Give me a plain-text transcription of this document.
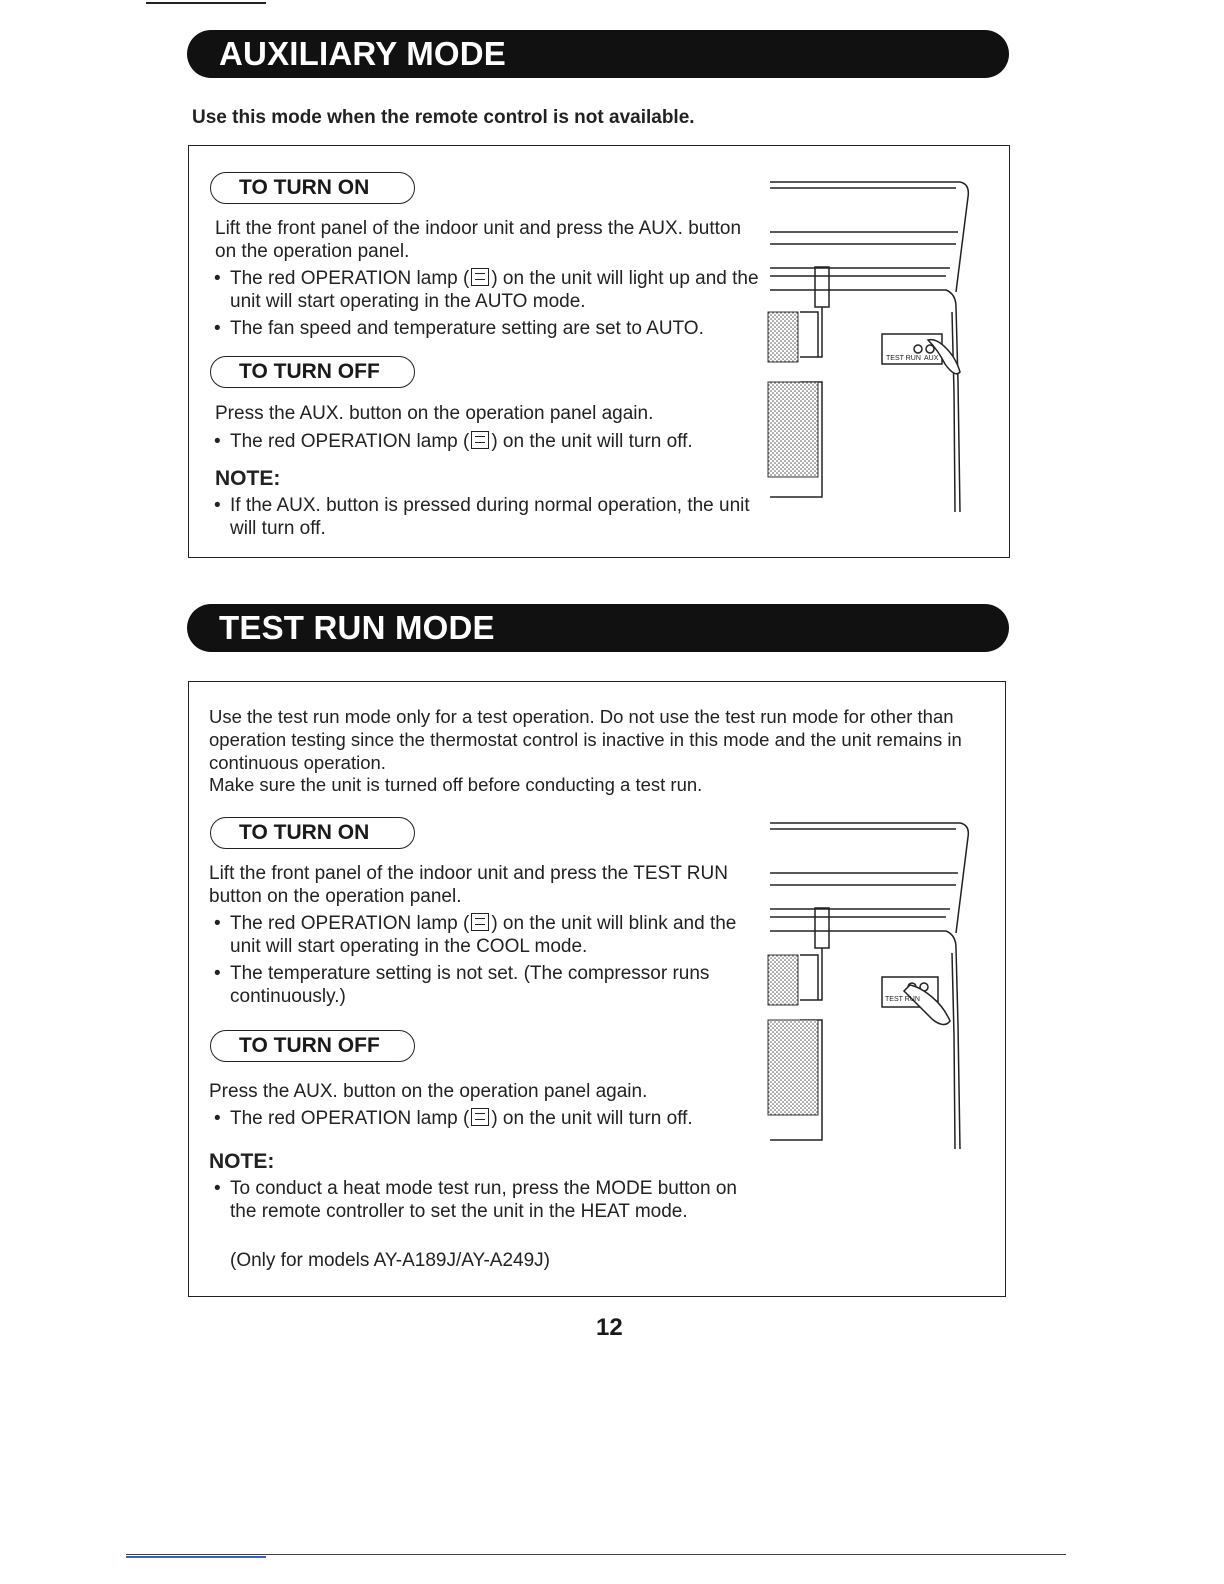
AUXILIARY MODE
Use this mode when the remote control is not available.
TO TURN ON
Lift the front panel of the indoor unit and press the AUX. button on the operation panel.
• The red OPERATION lamp ( ) on the unit will light up and the unit will start operating in the AUTO mode.
• The fan speed and temperature setting are set to AUTO.
TO TURN OFF
Press the AUX. button on the operation panel again.
• The red OPERATION lamp ( ) on the unit will turn off.
NOTE:
• If the AUX. button is pressed during normal operation, the unit will turn off.
TEST RUN AUX
TEST RUN MODE
Use the test run mode only for a test operation. Do not use the test run mode for other than operation testing since the thermostat control is inactive in this mode and the unit remains in continuous operation.
Make sure the unit is turned off before conducting a test run.
TO TURN ON
Lift the front panel of the indoor unit and press the TEST RUN button on the operation panel.
• The red OPERATION lamp ( ) on the unit will blink and the unit will start operating in the COOL mode.
• The temperature setting is not set. (The compressor runs continuously.)
TO TURN OFF
Press the AUX. button on the operation panel again.
• The red OPERATION lamp ( ) on the unit will turn off.
NOTE:
• To conduct a heat mode test run, press the MODE button on the remote controller to set the unit in the HEAT mode.
(Only for models AY-A189J/AY-A249J)
TEST RUN
12
